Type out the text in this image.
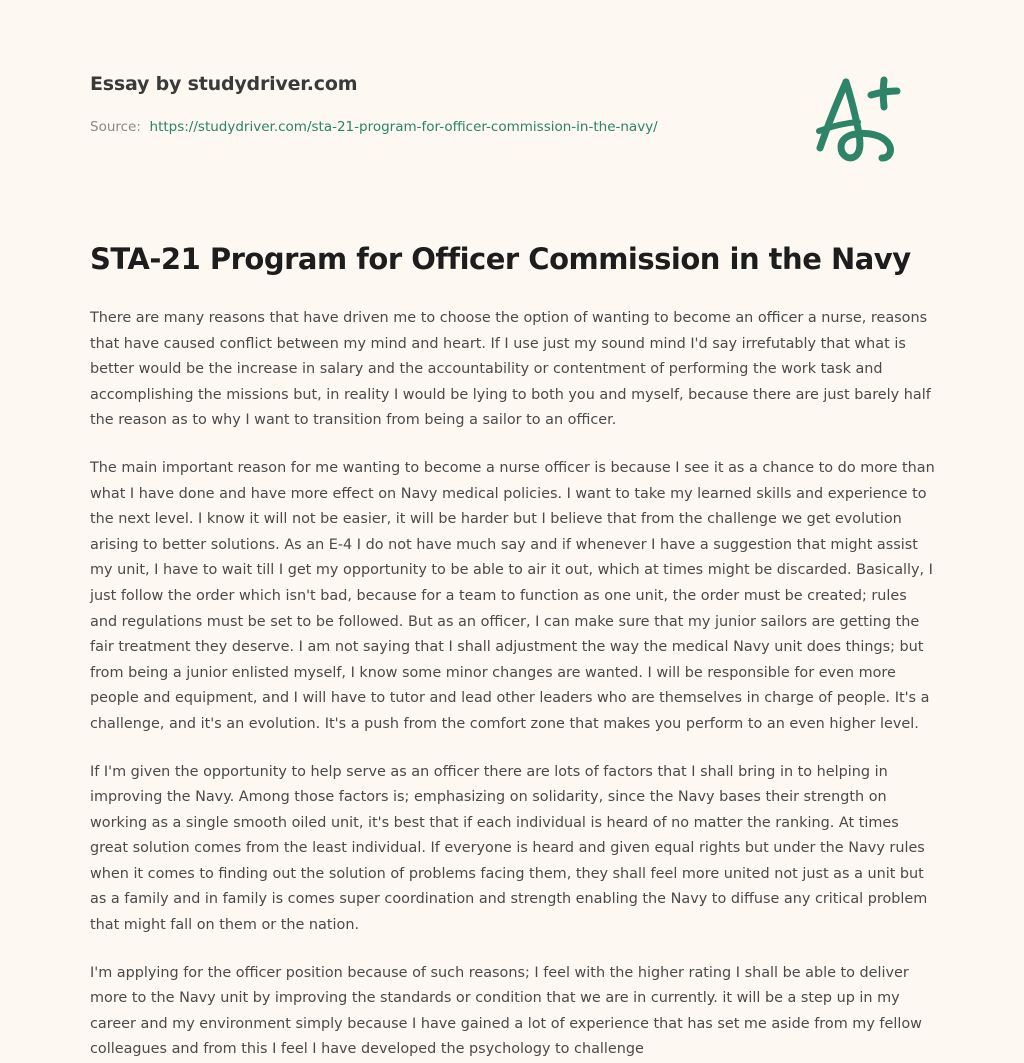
Essay by studydriver.com
Source: https://studydriver.com/sta-21-program-for-officer-commission-in-the-navy/
STA-21 Program for Officer Commission in the Navy

There are many reasons that have driven me to choose the option of wanting to become an officer a nurse, reasons that have caused conflict between my mind and heart. If I use just my sound mind I'd say irrefutably that what is better would be the increase in salary and the accountability or contentment of performing the work task and accomplishing the missions but, in reality I would be lying to both you and myself, because there are just barely half the reason as to why I want to transition from being a sailor to an officer.

The main important reason for me wanting to become a nurse officer is because I see it as a chance to do more than what I have done and have more effect on Navy medical policies. I want to take my learned skills and experience to the next level. I know it will not be easier, it will be harder but I believe that from the challenge we get evolution arising to better solutions. As an E-4 I do not have much say and if whenever I have a suggestion that might assist my unit, I have to wait till I get my opportunity to be able to air it out, which at times might be discarded. Basically, I just follow the order which isn't bad, because for a team to function as one unit, the order must be created; rules and regulations must be set to be followed. But as an officer, I can make sure that my junior sailors are getting the fair treatment they deserve. I am not saying that I shall adjustment the way the medical Navy unit does things; but from being a junior enlisted myself, I know some minor changes are wanted. I will be responsible for even more people and equipment, and I will have to tutor and lead other leaders who are themselves in charge of people. It's a challenge, and it's an evolution. It's a push from the comfort zone that makes you perform to an even higher level.

If I'm given the opportunity to help serve as an officer there are lots of factors that I shall bring in to helping in improving the Navy. Among those factors is; emphasizing on solidarity, since the Navy bases their strength on working as a single smooth oiled unit, it's best that if each individual is heard of no matter the ranking. At times great solution comes from the least individual. If everyone is heard and given equal rights but under the Navy rules when it comes to finding out the solution of problems facing them, they shall feel more united not just as a unit but as a family and in family is comes super coordination and strength enabling the Navy to diffuse any critical problem that might fall on them or the nation.

I'm applying for the officer position because of such reasons; I feel with the higher rating I shall be able to deliver more to the Navy unit by improving the standards or condition that we are in currently. it will be a step up in my career and my environment simply because I have gained a lot of experience that has set me aside from my fellow colleagues and from this I feel I have developed the psychology to challenge
